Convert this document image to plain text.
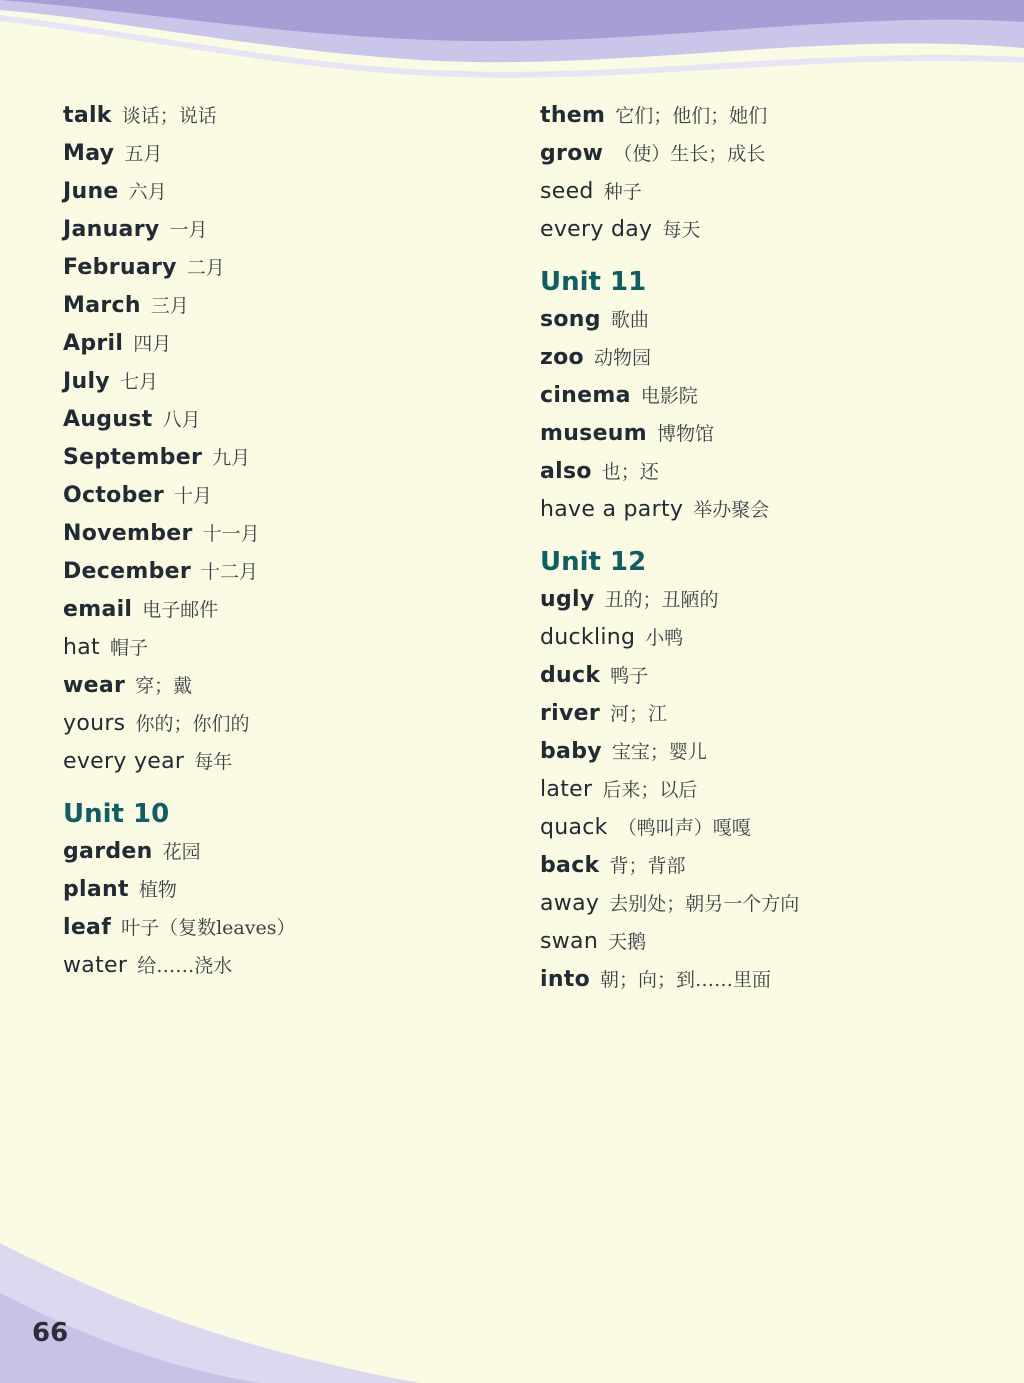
talk 谈话；说话
May 五月
June 六月
January 一月
February 二月
March 三月
April 四月
July 七月
August 八月
September 九月
October 十月
November 十一月
December 十二月
email 电子邮件
hat 帽子
wear 穿；戴
yours 你的；你们的
every year 每年
Unit 10
garden 花园
plant 植物
leaf 叶子（复数leaves）
water 给……浇水
them 它们；他们；她们
grow （使）生长；成长
seed 种子
every day 每天
Unit 11
song 歌曲
zoo 动物园
cinema 电影院
museum 博物馆
also 也；还
have a party 举办聚会
Unit 12
ugly 丑的；丑陋的
duckling 小鸭
duck 鸭子
river 河；江
baby 宝宝；婴儿
later 后来；以后
quack （鸭叫声）嘎嘎
back 背；背部
away 去别处；朝另一个方向
swan 天鹅
into 朝；向；到……里面
66
